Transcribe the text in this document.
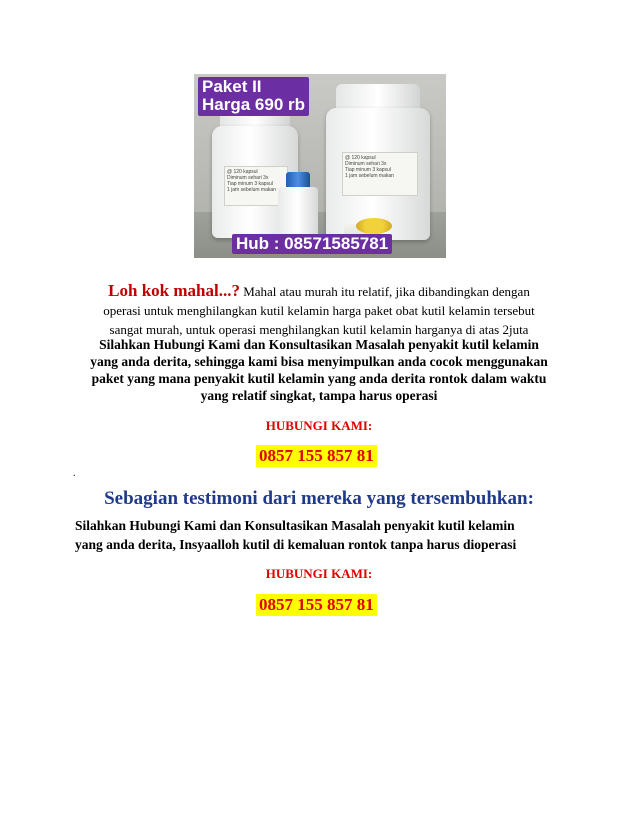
@ 120 kapsul
Diminum sehari 3x
Tiap minum 3 kapsul
1 jam sebelum makan
@ 120 kapsul
Diminum sehari 3x
Tiap minum 3 kapsul
1 jam sebelum makan
Paket II
Harga 690 rb
Hub : 08571585781
Loh kok mahal...? Mahal atau murah itu relatif, jika dibandingkan dengan
operasi untuk menghilangkan kutil kelamin harga paket obat kutil kelamin tersebut
sangat murah, untuk operasi menghilangkan kutil kelamin harganya di atas 2juta
Silahkan Hubungi Kami dan Konsultasikan Masalah penyakit kutil kelamin
yang anda derita, sehingga kami bisa menyimpulkan anda cocok menggunakan
paket yang mana penyakit kutil kelamin yang anda derita rontok dalam waktu
yang relatif singkat, tampa harus operasi
HUBUNGI KAMI:
0857 155 857 81
.
Sebagian testimoni dari mereka yang tersembuhkan:
Silahkan Hubungi Kami dan Konsultasikan Masalah penyakit kutil kelamin
yang anda derita, Insyaalloh kutil di kemaluan rontok tanpa harus dioperasi
HUBUNGI KAMI:
0857 155 857 81
